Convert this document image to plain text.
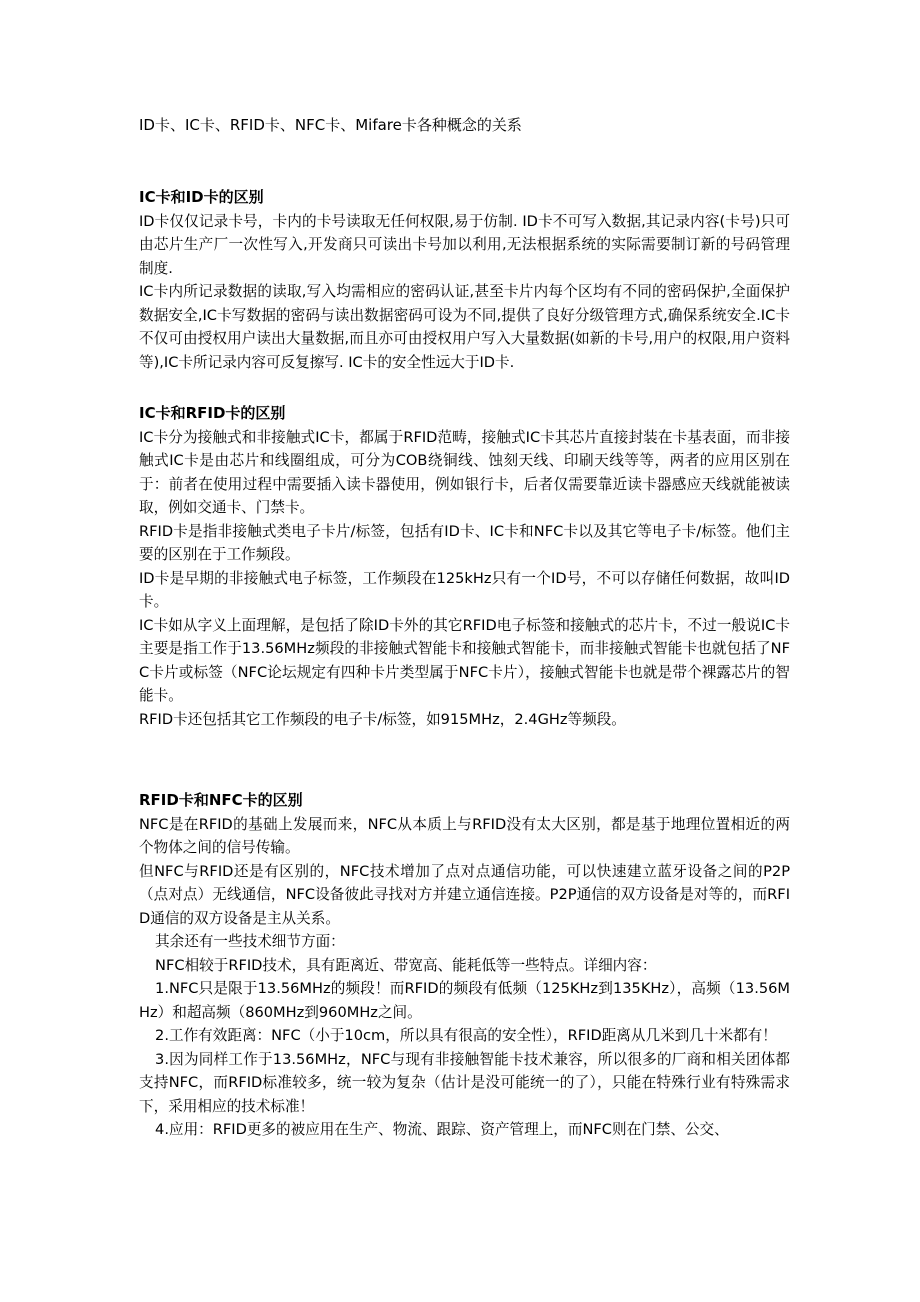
ID卡、IC卡、RFID卡、NFC卡、Mifare卡各种概念的关系

IC卡和ID卡的区别

ID卡仅仅记录卡号，卡内的卡号读取无任何权限,易于仿制. ID卡不可写入数据,其记录内容(卡号)只可由芯片生产厂一次性写入,开发商只可读出卡号加以利用,无法根据系统的实际需要制订新的号码管理制度.

IC卡内所记录数据的读取,写入均需相应的密码认证,甚至卡片内每个区均有不同的密码保护,全面保护数据安全,IC卡写数据的密码与读出数据密码可设为不同,提供了良好分级管理方式,确保系统安全.IC卡不仅可由授权用户读出大量数据,而且亦可由授权用户写入大量数据(如新的卡号,用户的权限,用户资料等),IC卡所记录内容可反复擦写. IC卡的安全性远大于ID卡.

IC卡和RFID卡的区别

IC卡分为接触式和非接触式IC卡，都属于RFID范畴，接触式IC卡其芯片直接封装在卡基表面，而非接触式IC卡是由芯片和线圈组成，可分为COB绕铜线、蚀刻天线、印刷天线等等，两者的应用区别在于：前者在使用过程中需要插入读卡器使用，例如银行卡，后者仅需要靠近读卡器感应天线就能被读取，例如交通卡、门禁卡。

RFID卡是指非接触式类电子卡片/标签，包括有ID卡、IC卡和NFC卡以及其它等电子卡/标签。他们主要的区别在于工作频段。

ID卡是早期的非接触式电子标签，工作频段在125kHz只有一个ID号，不可以存储任何数据，故叫ID卡。

IC卡如从字义上面理解，是包括了除ID卡外的其它RFID电子标签和接触式的芯片卡，不过一般说IC卡主要是指工作于13.56MHz频段的非接触式智能卡和接触式智能卡，而非接触式智能卡也就包括了NFC卡片或标签（NFC论坛规定有四种卡片类型属于NFC卡片），接触式智能卡也就是带个裸露芯片的智能卡。

RFID卡还包括其它工作频段的电子卡/标签，如915MHz，2.4GHz等频段。

RFID卡和NFC卡的区别

NFC是在RFID的基础上发展而来，NFC从本质上与RFID没有太大区别，都是基于地理位置相近的两个物体之间的信号传输。

但NFC与RFID还是有区别的，NFC技术增加了点对点通信功能，可以快速建立蓝牙设备之间的P2P（点对点）无线通信，NFC设备彼此寻找对方并建立通信连接。P2P通信的双方设备是对等的，而RFID通信的双方设备是主从关系。

其余还有一些技术细节方面：

NFC相较于RFID技术，具有距离近、带宽高、能耗低等一些特点。详细内容：

1.NFC只是限于13.56MHz的频段！而RFID的频段有低频（125KHz到135KHz），高频（13.56MHz）和超高频（860MHz到960MHz之间。

2.工作有效距离：NFC（小于10cm，所以具有很高的安全性），RFID距离从几米到几十米都有！

3.因为同样工作于13.56MHz，NFC与现有非接触智能卡技术兼容，所以很多的厂商和相关团体都支持NFC，而RFID标准较多，统一较为复杂（估计是没可能统一的了），只能在特殊行业有特殊需求下，采用相应的技术标准！

4.应用：RFID更多的被应用在生产、物流、跟踪、资产管理上，而NFC则在门禁、公交、
